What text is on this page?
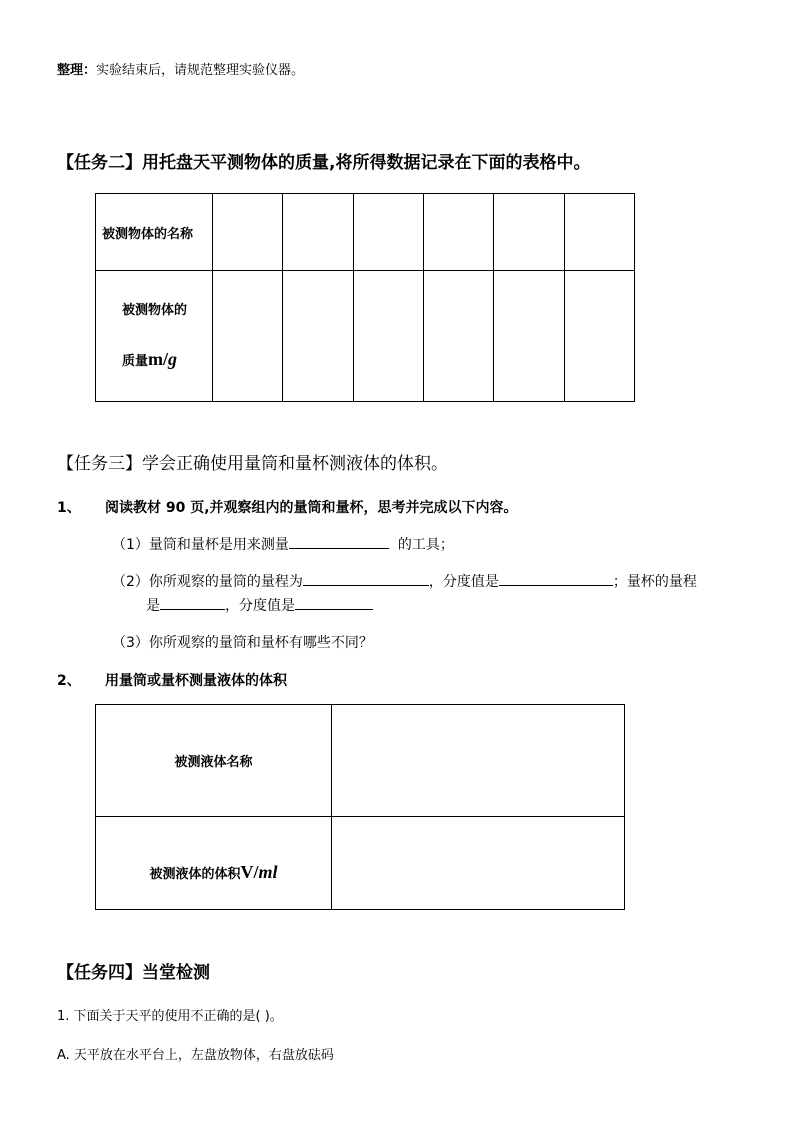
整理：实验结束后，请规范整理实验仪器。
【任务二】用托盘天平测物体的质量,将所得数据记录在下面的表格中。
被测物体的名称						

被测物体的
质量m/g						

【任务三】学会正确使用量筒和量杯测液体的体积。
1、 阅读教材 90 页,并观察组内的量筒和量杯，思考并完成以下内容。
（1）量筒和量杯是用来测量	的工具；
（2）你所观察的量筒的量程为	，分度值是	；量杯的量程
是	，分度值是
（3）你所观察的量筒和量杯有哪些不同？
2、 用量筒或量杯测量液体的体积
被测液体名称	
被测液体的体积V/ml	
【任务四】当堂检测
1. 下面关于天平的使用不正确的是( )。
A. 天平放在水平台上，左盘放物体，右盘放砝码
